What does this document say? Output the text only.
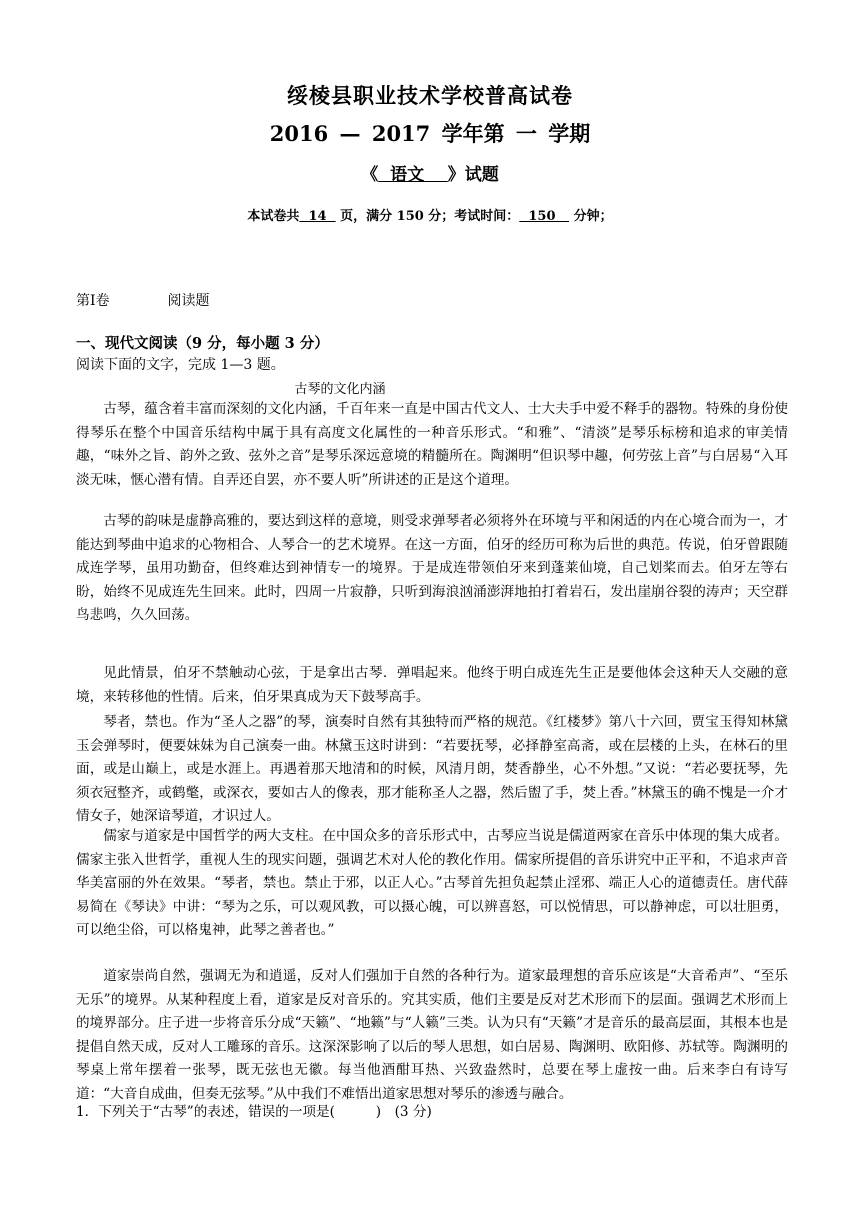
绥棱县职业技术学校普高试卷
2016 — 2017 学年第 一 学期
《  语文    》试题
本试卷共  14   页，满分 150 分；考试时间：  150    分钟；
第Ⅰ卷	阅读题
一、现代文阅读（9 分，每小题 3 分）
阅读下面的文字，完成 1—3 题。
古琴的文化内涵

古琴，蕴含着丰富而深刻的文化内涵，千百年来一直是中国古代文人、士大夫手中爱不释手的器物。特殊的身份使得琴乐在整个中国音乐结构中属于具有高度文化属性的一种音乐形式。“和雅”、“清淡”是琴乐标榜和追求的审美情趣，“味外之旨、韵外之致、弦外之音”是琴乐深远意境的精髓所在。陶渊明“但识琴中趣，何劳弦上音”与白居易“入耳淡无味，惬心潜有情。自弄还自罢，亦不要人听”所讲述的正是这个道理。

古琴的韵味是虚静高雅的，要达到这样的意境，则受求弹琴者必须将外在环境与平和闲适的内在心境合而为一，才能达到琴曲中追求的心物相合、人琴合一的艺术境界。在这一方面，伯牙的经历可称为后世的典范。传说，伯牙曾跟随成连学琴，虽用功勤奋，但终难达到神情专一的境界。于是成连带领伯牙来到蓬莱仙境，自己划桨而去。伯牙左等右盼，始终不见成连先生回来。此时，四周一片寂静，只听到海浪汹涌澎湃地拍打着岩石，发出崖崩谷裂的涛声；天空群鸟悲鸣，久久回荡。

见此情景，伯牙不禁触动心弦，于是拿出古琴．弹唱起来。他终于明白成连先生正是要他体会这种天人交融的意境，来转移他的性情。后来，伯牙果真成为天下鼓琴高手。

琴者，禁也。作为“圣人之器”的琴，演奏时自然有其独特而严格的规范。《红楼梦》第八十六回，贾宝玉得知林黛玉会弹琴时，便要妹妹为自己演奏一曲。林黛玉这时讲到：“若要抚琴，必择静室高斋，或在层楼的上头，在林石的里面，或是山巅上，或是水涯上。再遇着那天地清和的时候，风清月朗，焚香静坐，心不外想。”又说：“若必要抚琴，先须衣冠整齐，或鹤氅，或深衣，要如古人的像表，那才能称圣人之器，然后盥了手，焚上香。”林黛玉的确不愧是一介才情女子，她深谙琴道，才识过人。

儒家与道家是中国哲学的两大支柱。在中国众多的音乐形式中，古琴应当说是儒道两家在音乐中体现的集大成者。儒家主张入世哲学，重视人生的现实问题，强调艺术对人伦的教化作用。儒家所提倡的音乐讲究中正平和，不追求声音华美富丽的外在效果。“琴者，禁也。禁止于邪，以正人心。”古琴首先担负起禁止淫邪、端正人心的道德责任。唐代薛易简在《琴诀》中讲：“琴为之乐，可以观风教，可以摄心魄，可以辨喜怒，可以悦情思，可以静神虑，可以壮胆勇，可以绝尘俗，可以格鬼神，此琴之善者也。”

道家崇尚自然，强调无为和逍遥，反对人们强加于自然的各种行为。道家最理想的音乐应该是“大音希声”、“至乐无乐”的境界。从某种程度上看，道家是反对音乐的。究其实质，他们主要是反对艺术形而下的层面。强调艺术形而上的境界部分。庄子进一步将音乐分成“天籁”、“地籁”与“人籁”三类。认为只有“天籁”才是音乐的最高层面，其根本也是提倡自然天成，反对人工雕琢的音乐。这深深影响了以后的琴人思想，如白居易、陶渊明、欧阳修、苏轼等。陶渊明的琴桌上常年摆着一张琴，既无弦也无徽。每当他酒酣耳热、兴致盎然时，总要在琴上虚按一曲。后来李白有诗写道：“大音自成曲，但奏无弦琴。”从中我们不难悟出道家思想对琴乐的渗透与融合。

1．下列关于“古琴”的表述，错误的一项是(　　　)　(3 分)
